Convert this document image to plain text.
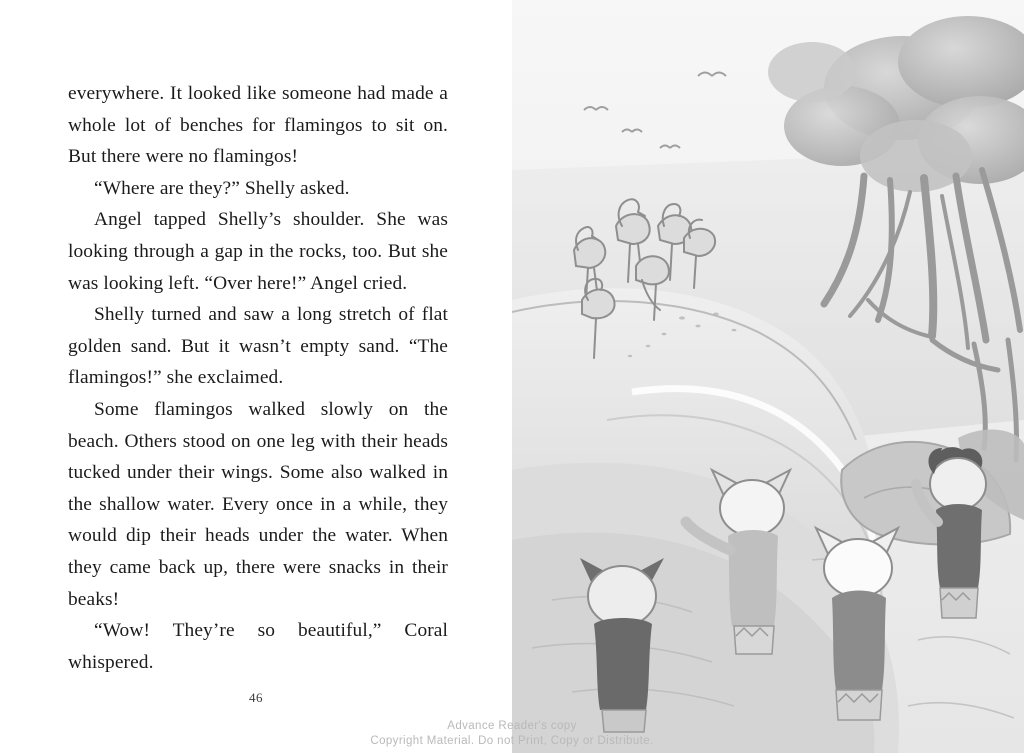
everywhere. It looked like someone had made a whole lot of benches for flamingos to sit on. But there were no flamingos!

“Where are they?” Shelly asked.

Angel tapped Shelly’s shoulder. She was looking through a gap in the rocks, too. But she was looking left. “Over here!” Angel cried.

Shelly turned and saw a long stretch of flat golden sand. But it wasn’t empty sand. “The flamingos!” she exclaimed.

Some flamingos walked slowly on the beach. Others stood on one leg with their heads tucked under their wings. Some also walked in the shallow water. Every once in a while, they would dip their heads under the water. When they came back up, there were snacks in their beaks!

“Wow! They’re so beautiful,” Coral whispered.

46
Advance Reader's copy
Copyright Material. Do not Print, Copy or Distribute.
